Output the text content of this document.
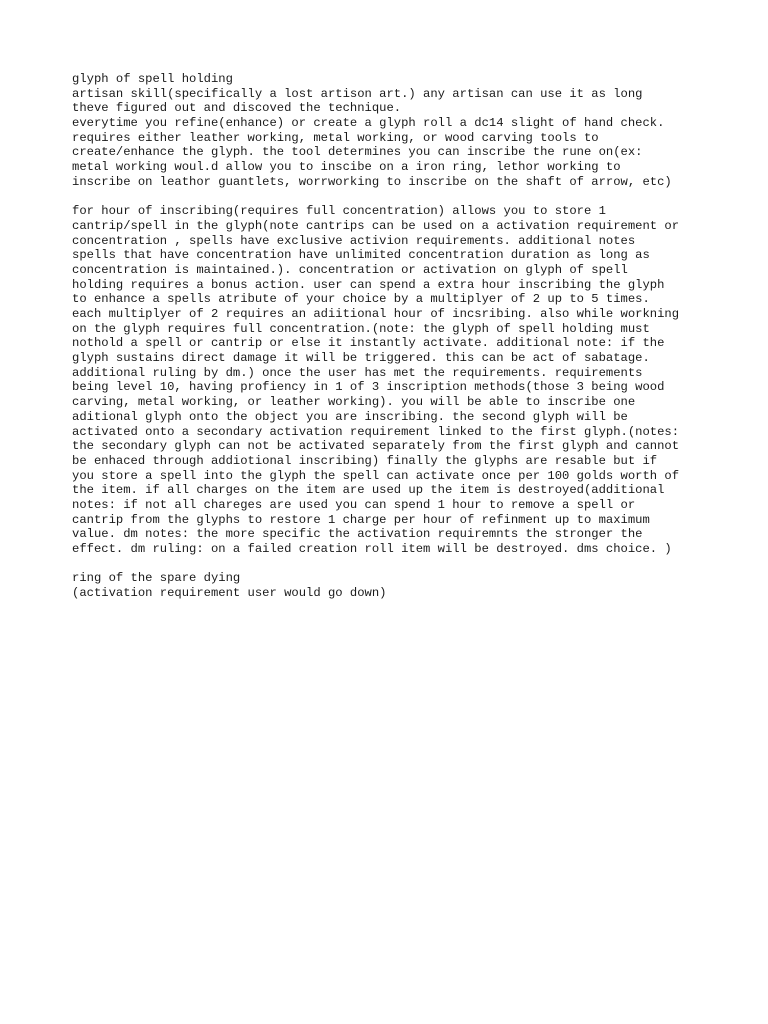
glyph of spell holding
artisan skill(specifically a lost artison art.) any artisan can use it as long
theve figured out and discoved the technique.
everytime you refine(enhance) or create a glyph roll a dc14 slight of hand check.
requires either leather working, metal working, or wood carving tools to
create/enhance the glyph. the tool determines you can inscribe the rune on(ex:
metal working woul.d allow you to inscibe on a iron ring, lethor working to
inscribe on leathor guantlets, worrworking to inscribe on the shaft of arrow, etc)
for hour of inscribing(requires full concentration) allows you to store 1
cantrip/spell in the glyph(note cantrips can be used on a activation requirement or
concentration , spells have exclusive activion requirements. additional notes
spells that have concentration have unlimited concentration duration as long as
concentration is maintained.). concentration or activation on glyph of spell
holding requires a bonus action. user can spend a extra hour inscribing the glyph
to enhance a spells atribute of your choice by a multiplyer of 2 up to 5 times.
each multiplyer of 2 requires an adiitional hour of incsribing. also while workning
on the glyph requires full concentration.(note: the glyph of spell holding must
nothold a spell or cantrip or else it instantly activate. additional note: if the
glyph sustains direct damage it will be triggered. this can be act of sabatage.
additional ruling by dm.) once the user has met the requirements. requirements
being level 10, having profiency in 1 of 3 inscription methods(those 3 being wood
carving, metal working, or leather working). you will be able to inscribe one
aditional glyph onto the object you are inscribing. the second glyph will be
activated onto a secondary activation requirement linked to the first glyph.(notes:
the secondary glyph can not be activated separately from the first glyph and cannot
be enhaced through addiotional inscribing) finally the glyphs are resable but if
you store a spell into the glyph the spell can activate once per 100 golds worth of
the item. if all charges on the item are used up the item is destroyed(additional
notes: if not all chareges are used you can spend 1 hour to remove a spell or
cantrip from the glyphs to restore 1 charge per hour of refinment up to maximum
value. dm notes: the more specific the activation requiremnts the stronger the
effect. dm ruling: on a failed creation roll item will be destroyed. dms choice. )
ring of the spare dying
(activation requirement user would go down)
